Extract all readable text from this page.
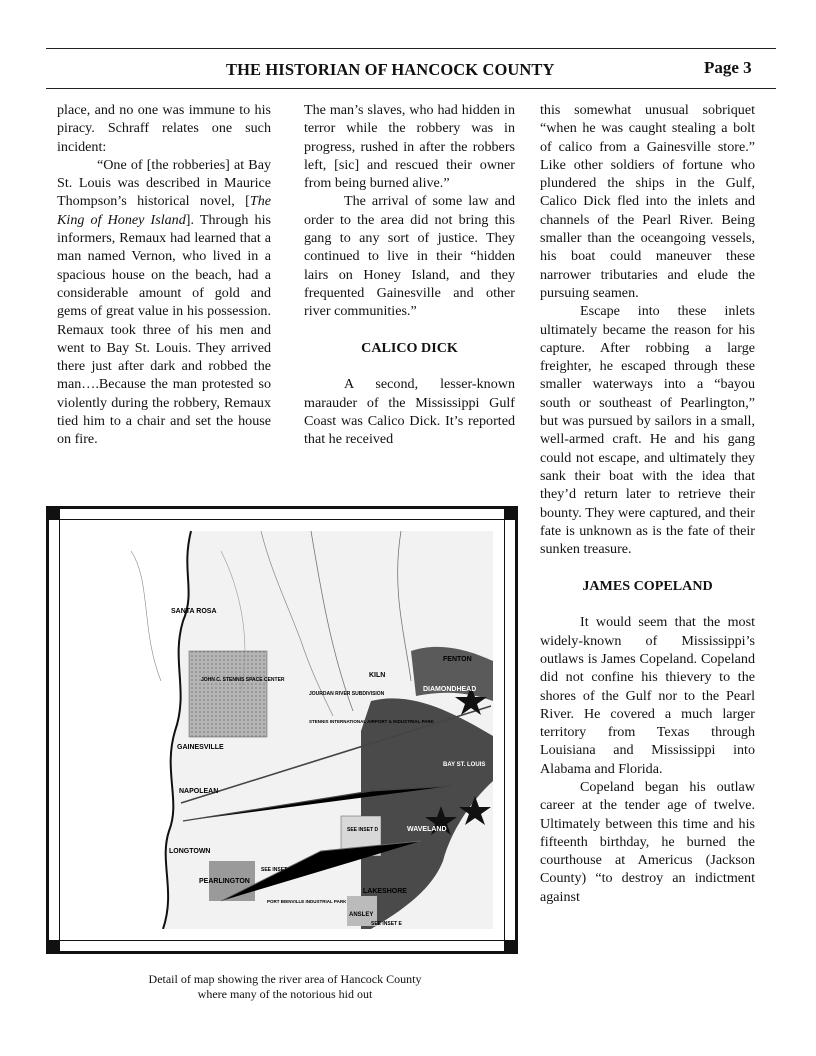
THE HISTORIAN OF HANCOCK COUNTY	Page 3

place, and no one was immune to his piracy. Schraff relates one such incident:

“One of [the robberies] at Bay St. Louis was described in Maurice Thompson’s historical novel, [The King of Honey Island]. Through his informers, Remaux had learned that a man named Vernon, who lived in a spacious house on the beach, had a considerable amount of gold and gems of great value in his possession. Remaux took three of his men and went to Bay St. Louis. They arrived there just after dark and robbed the man….Because the man protested so violently during the robbery, Remaux tied him to a chair and set the house on fire.

The man’s slaves, who had hidden in terror while the robbery was in progress, rushed in after the robbers left, [sic] and rescued their owner from being burned alive.”

The arrival of some law and order to the area did not bring this gang to any sort of justice. They continued to live in their “hidden lairs on Honey Island, and they frequented Gainesville and other river communities.”

CALICO DICK

A second, lesser-known marauder of the Mississippi Gulf Coast was Calico Dick. It’s reported that he received

this somewhat unusual sobriquet “when he was caught stealing a bolt of calico from a Gainesville store.” Like other soldiers of fortune who plundered the ships in the Gulf, Calico Dick fled into the inlets and channels of the Pearl River. Being smaller than the oceangoing vessels, his boat could maneuver these narrower tributaries and elude the pursuing seamen.

Escape into these inlets ultimately became the reason for his capture. After robbing a large freighter, he escaped through these smaller waterways into a “bayou south or southeast of Pearlington,” but was pursued by sailors in a small, well-armed craft. He and his gang could not escape, and ultimately they sank their boat with the idea that they’d return later to retrieve their bounty. They were captured, and their fate is unknown as is the fate of their sunken treasure.

JAMES COPELAND

It would seem that the most widely-known of Mississippi’s outlaws is James Copeland. Copeland did not confine his thievery to the shores of the Gulf nor to the Pearl River. He covered a much larger territory from Texas through Louisiana and Mississippi into Alabama and Florida.

Copeland began his outlaw career at the tender age of twelve. Ultimately between this time and his fifteenth birthday, he burned the courthouse at Americus (Jackson County) “to destroy an indictment against

SANTA ROSA
JOHN C. STENNIS SPACE CENTER
GAINESVILLE
NAPOLEAN
LONGTOWN
PEARLINGTON
KILN
FENTON
DIAMONDHEAD
JOURDAN RIVER SUBDIVISION
STENNIS INTERNATIONAL AIRPORT & INDUSTRIAL PARK
BAY ST. LOUIS
WAVELAND
LAKESHORE
ANSLEY
PORT BIENVILLE INDUSTRIAL PARK
SEE INSET A
SEE INSET D
SEE INSET E
Detail of map showing the river area of Hancock County
where many of the notorious hid out
